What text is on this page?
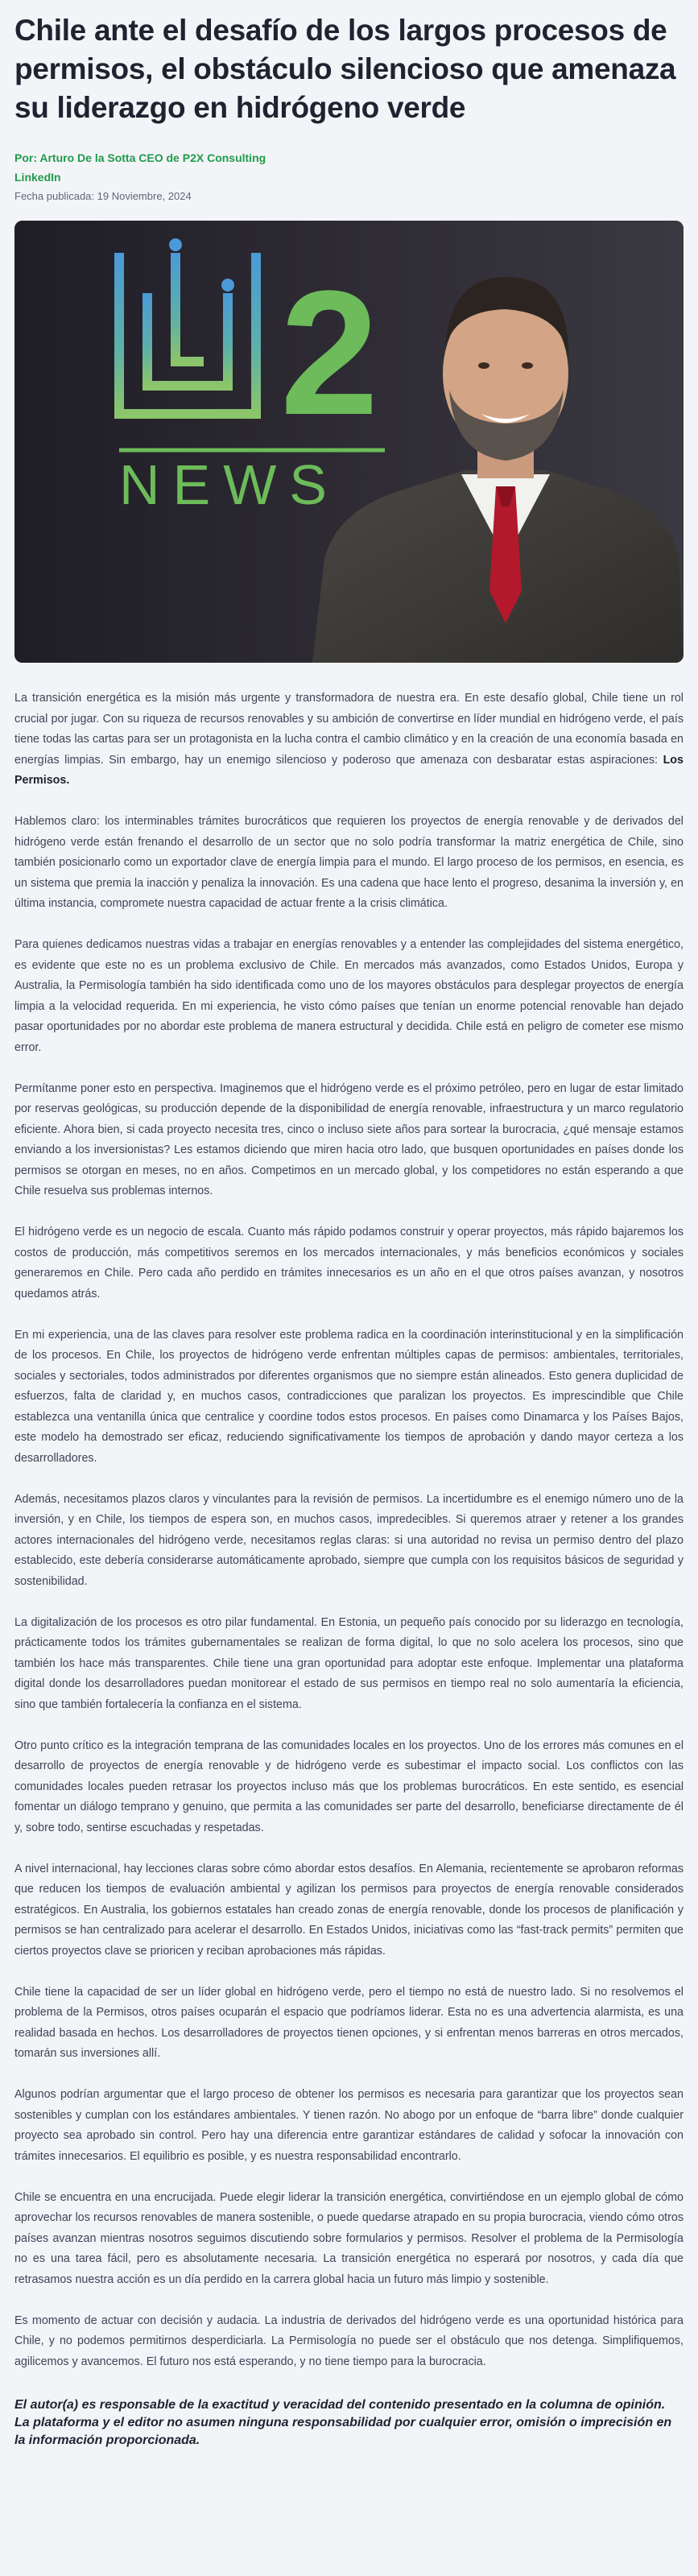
Chile ante el desafío de los largos procesos de permisos, el obstáculo silencioso que amenaza su liderazgo en hidrógeno verde
Por: Arturo De la Sotta CEO de P2X Consulting
LinkedIn
Fecha publicada: 19 Noviembre, 2024
2
NEWS

La transición energética es la misión más urgente y transformadora de nuestra era. En este desafío global, Chile tiene un rol crucial por jugar. Con su riqueza de recursos renovables y su ambición de convertirse en líder mundial en hidrógeno verde, el país tiene todas las cartas para ser un protagonista en la lucha contra el cambio climático y en la creación de una economía basada en energías limpias. Sin embargo, hay un enemigo silencioso y poderoso que amenaza con desbaratar estas aspiraciones: Los Permisos.

Hablemos claro: los interminables trámites burocráticos que requieren los proyectos de energía renovable y de derivados del hidrógeno verde están frenando el desarrollo de un sector que no solo podría transformar la matriz energética de Chile, sino también posicionarlo como un exportador clave de energía limpia para el mundo. El largo proceso de los permisos, en esencia, es un sistema que premia la inacción y penaliza la innovación. Es una cadena que hace lento el progreso, desanima la inversión y, en última instancia, compromete nuestra capacidad de actuar frente a la crisis climática.

Para quienes dedicamos nuestras vidas a trabajar en energías renovables y a entender las complejidades del sistema energético, es evidente que este no es un problema exclusivo de Chile. En mercados más avanzados, como Estados Unidos, Europa y Australia, la Permisología también ha sido identificada como uno de los mayores obstáculos para desplegar proyectos de energía limpia a la velocidad requerida. En mi experiencia, he visto cómo países que tenían un enorme potencial renovable han dejado pasar oportunidades por no abordar este problema de manera estructural y decidida. Chile está en peligro de cometer ese mismo error.

Permítanme poner esto en perspectiva. Imaginemos que el hidrógeno verde es el próximo petróleo, pero en lugar de estar limitado por reservas geológicas, su producción depende de la disponibilidad de energía renovable, infraestructura y un marco regulatorio eficiente. Ahora bien, si cada proyecto necesita tres, cinco o incluso siete años para sortear la burocracia, ¿qué mensaje estamos enviando a los inversionistas? Les estamos diciendo que miren hacia otro lado, que busquen oportunidades en países donde los permisos se otorgan en meses, no en años. Competimos en un mercado global, y los competidores no están esperando a que Chile resuelva sus problemas internos.

El hidrógeno verde es un negocio de escala. Cuanto más rápido podamos construir y operar proyectos, más rápido bajaremos los costos de producción, más competitivos seremos en los mercados internacionales, y más beneficios económicos y sociales generaremos en Chile. Pero cada año perdido en trámites innecesarios es un año en el que otros países avanzan, y nosotros quedamos atrás.

En mi experiencia, una de las claves para resolver este problema radica en la coordinación interinstitucional y en la simplificación de los procesos. En Chile, los proyectos de hidrógeno verde enfrentan múltiples capas de permisos: ambientales, territoriales, sociales y sectoriales, todos administrados por diferentes organismos que no siempre están alineados. Esto genera duplicidad de esfuerzos, falta de claridad y, en muchos casos, contradicciones que paralizan los proyectos. Es imprescindible que Chile establezca una ventanilla única que centralice y coordine todos estos procesos. En países como Dinamarca y los Países Bajos, este modelo ha demostrado ser eficaz, reduciendo significativamente los tiempos de aprobación y dando mayor certeza a los desarrolladores.

Además, necesitamos plazos claros y vinculantes para la revisión de permisos. La incertidumbre es el enemigo número uno de la inversión, y en Chile, los tiempos de espera son, en muchos casos, impredecibles. Si queremos atraer y retener a los grandes actores internacionales del hidrógeno verde, necesitamos reglas claras: si una autoridad no revisa un permiso dentro del plazo establecido, este debería considerarse automáticamente aprobado, siempre que cumpla con los requisitos básicos de seguridad y sostenibilidad.

La digitalización de los procesos es otro pilar fundamental. En Estonia, un pequeño país conocido por su liderazgo en tecnología, prácticamente todos los trámites gubernamentales se realizan de forma digital, lo que no solo acelera los procesos, sino que también los hace más transparentes. Chile tiene una gran oportunidad para adoptar este enfoque. Implementar una plataforma digital donde los desarrolladores puedan monitorear el estado de sus permisos en tiempo real no solo aumentaría la eficiencia, sino que también fortalecería la confianza en el sistema.

Otro punto crítico es la integración temprana de las comunidades locales en los proyectos. Uno de los errores más comunes en el desarrollo de proyectos de energía renovable y de hidrógeno verde es subestimar el impacto social. Los conflictos con las comunidades locales pueden retrasar los proyectos incluso más que los problemas burocráticos. En este sentido, es esencial fomentar un diálogo temprano y genuino, que permita a las comunidades ser parte del desarrollo, beneficiarse directamente de él y, sobre todo, sentirse escuchadas y respetadas.

A nivel internacional, hay lecciones claras sobre cómo abordar estos desafíos. En Alemania, recientemente se aprobaron reformas que reducen los tiempos de evaluación ambiental y agilizan los permisos para proyectos de energía renovable considerados estratégicos. En Australia, los gobiernos estatales han creado zonas de energía renovable, donde los procesos de planificación y permisos se han centralizado para acelerar el desarrollo. En Estados Unidos, iniciativas como las “fast-track permits” permiten que ciertos proyectos clave se prioricen y reciban aprobaciones más rápidas.

Chile tiene la capacidad de ser un líder global en hidrógeno verde, pero el tiempo no está de nuestro lado. Si no resolvemos el problema de la Permisos, otros países ocuparán el espacio que podríamos liderar. Esta no es una advertencia alarmista, es una realidad basada en hechos. Los desarrolladores de proyectos tienen opciones, y si enfrentan menos barreras en otros mercados, tomarán sus inversiones allí.

Algunos podrían argumentar que el largo proceso de obtener los permisos es necesaria para garantizar que los proyectos sean sostenibles y cumplan con los estándares ambientales. Y tienen razón. No abogo por un enfoque de “barra libre” donde cualquier proyecto sea aprobado sin control. Pero hay una diferencia entre garantizar estándares de calidad y sofocar la innovación con trámites innecesarios. El equilibrio es posible, y es nuestra responsabilidad encontrarlo.

Chile se encuentra en una encrucijada. Puede elegir liderar la transición energética, convirtiéndose en un ejemplo global de cómo aprovechar los recursos renovables de manera sostenible, o puede quedarse atrapado en su propia burocracia, viendo cómo otros países avanzan mientras nosotros seguimos discutiendo sobre formularios y permisos. Resolver el problema de la Permisología no es una tarea fácil, pero es absolutamente necesaria. La transición energética no esperará por nosotros, y cada día que retrasamos nuestra acción es un día perdido en la carrera global hacia un futuro más limpio y sostenible.

Es momento de actuar con decisión y audacia. La industria de derivados del hidrógeno verde es una oportunidad histórica para Chile, y no podemos permitirnos desperdiciarla. La Permisología no puede ser el obstáculo que nos detenga. Simplifiquemos, agilicemos y avancemos. El futuro nos está esperando, y no tiene tiempo para la burocracia.

El autor(a) es responsable de la exactitud y veracidad del contenido presentado en la columna de opinión. La plataforma y el editor no asumen ninguna responsabilidad por cualquier error, omisión o imprecisión en la información proporcionada.
